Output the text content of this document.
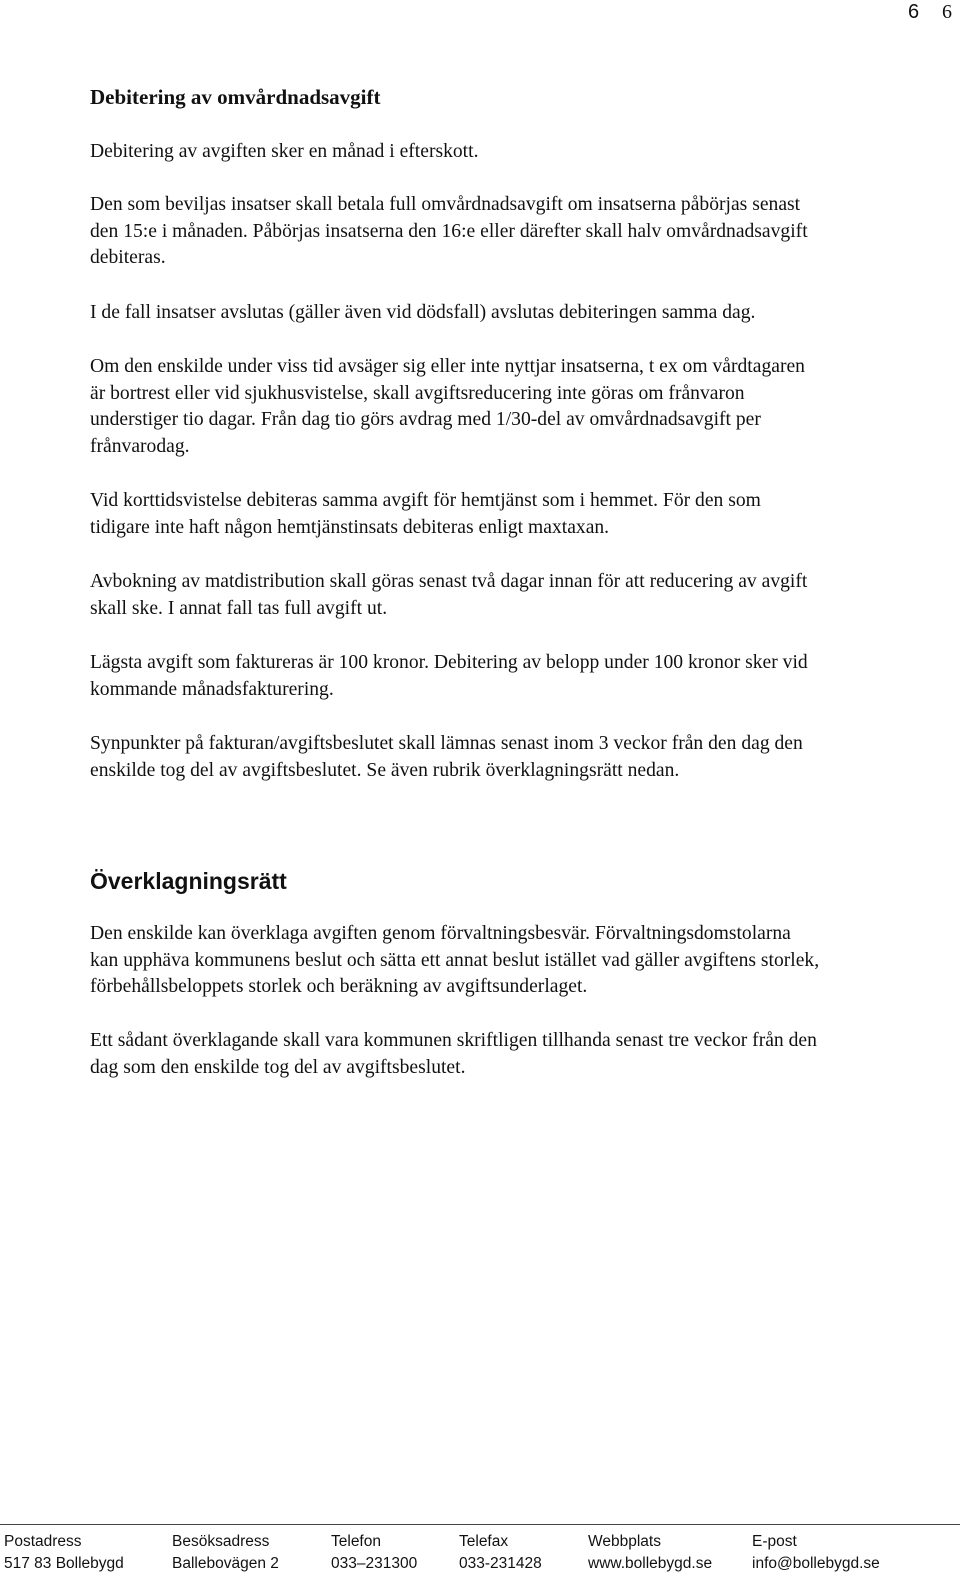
6 6
Debitering av omvårdnadsavgift
Debitering av avgiften sker en månad i efterskott.
Den som beviljas insatser skall betala full omvårdnadsavgift om insatserna påbörjas senast
den 15:e i månaden. Påbörjas insatserna den 16:e eller därefter skall halv omvårdnadsavgift
debiteras.
I de fall insatser avslutas (gäller även vid dödsfall) avslutas debiteringen samma dag.
Om den enskilde under viss tid avsäger sig eller inte nyttjar insatserna, t ex om vårdtagaren
är bortrest eller vid sjukhusvistelse, skall avgiftsreducering inte göras om frånvaron
understiger tio dagar. Från dag tio görs avdrag med 1/30-del av omvårdnadsavgift per
frånvarodag.
Vid korttidsvistelse debiteras samma avgift för hemtjänst som i hemmet. För den som
tidigare inte haft någon hemtjänstinsats debiteras enligt maxtaxan.
Avbokning av matdistribution skall göras senast två dagar innan för att reducering av avgift
skall ske. I annat fall tas full avgift ut.
Lägsta avgift som faktureras är 100 kronor. Debitering av belopp under 100 kronor sker vid
kommande månadsfakturering.
Synpunkter på fakturan/avgiftsbeslutet skall lämnas senast inom 3 veckor från den dag den
enskilde tog del av avgiftsbeslutet. Se även rubrik överklagningsrätt nedan.
Överklagningsrätt
Den enskilde kan överklaga avgiften genom förvaltningsbesvär. Förvaltningsdomstolarna
kan upphäva kommunens beslut och sätta ett annat beslut istället vad gäller avgiftens storlek,
förbehållsbeloppets storlek och beräkning av avgiftsunderlaget.
Ett sådant överklagande skall vara kommunen skriftligen tillhanda senast tre veckor från den
dag som den enskilde tog del av avgiftsbeslutet.
Postadress
517 83 Bollebygd
Besöksadress
Ballebovägen 2
Telefon
033–231300
Telefax
033-231428
Webbplats
www.bollebygd.se
E-post
info@bollebygd.se
